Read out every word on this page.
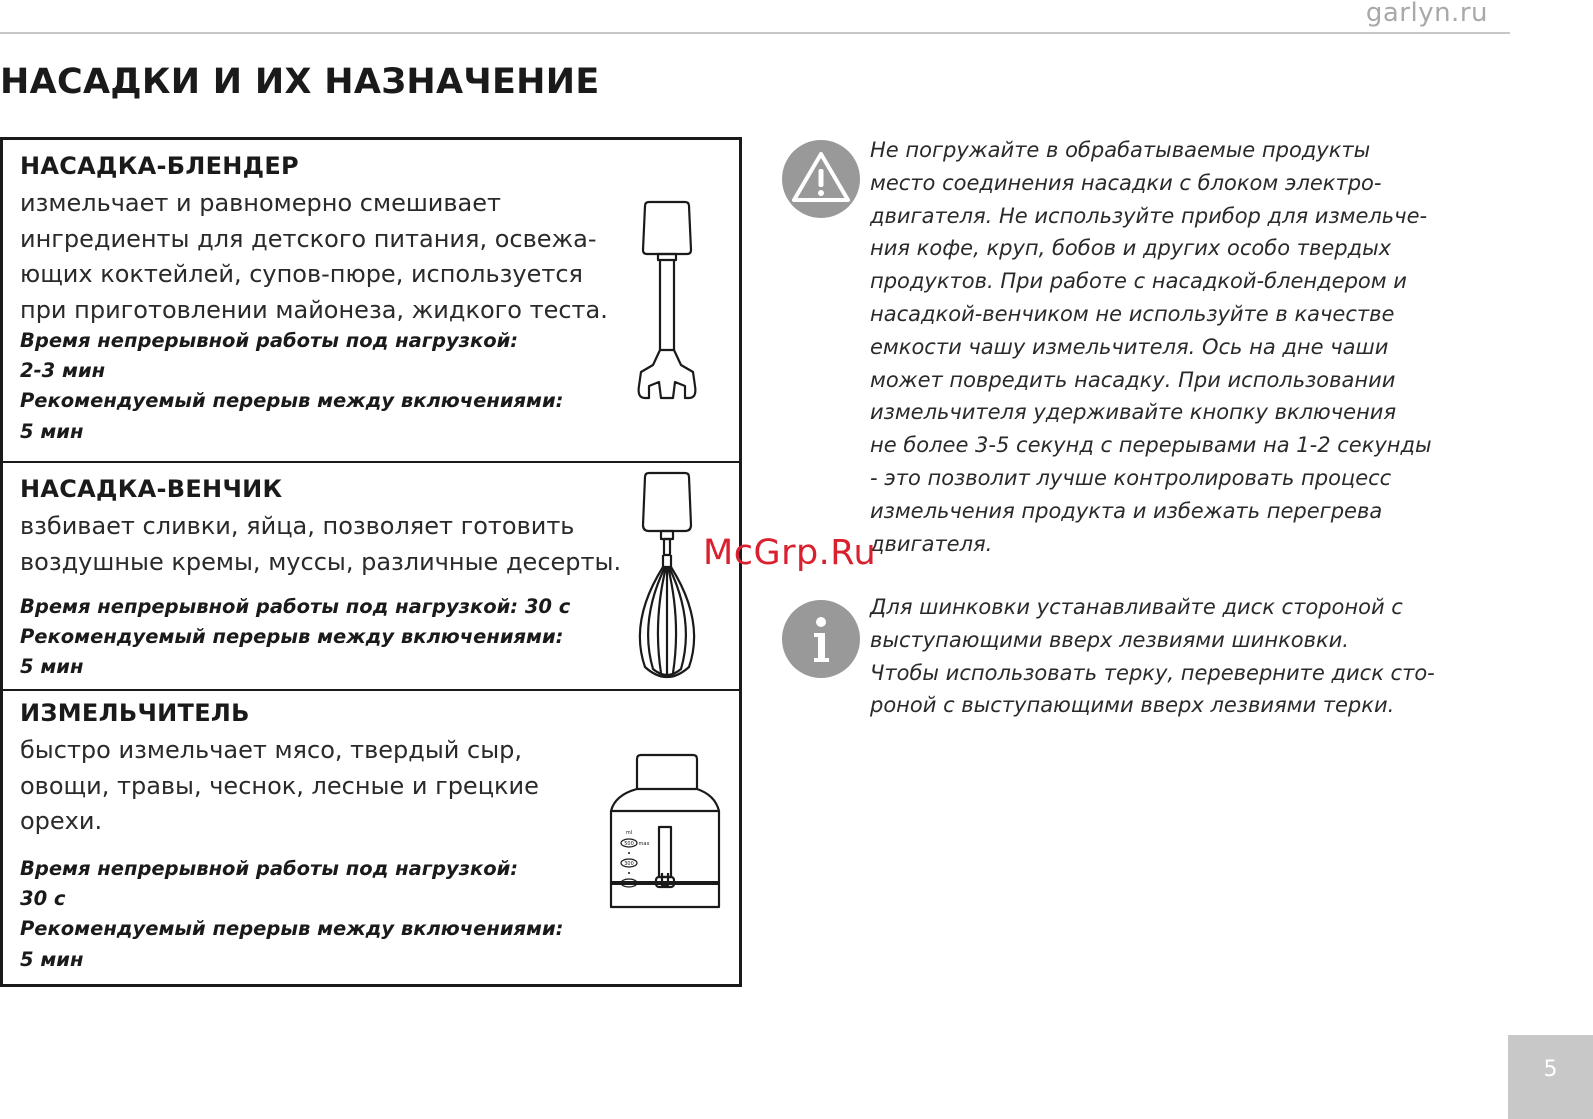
garlyn.ru
НАСАДКИ И ИХ НАЗНАЧЕНИЕ
НАСАДКА-БЛЕНДЕР

измельчает и равномерно смешивает
ингредиенты для детского питания, освежа-
ющих коктейлей, супов-пюре, используется
при приготовлении майонеза, жидкого теста.

Время непрерывной работы под нагрузкой:
2-3 мин
Рекомендуемый перерыв между включениями:
5 мин

НАСАДКА-ВЕНЧИК

взбивает сливки, яйца, позволяет готовить
воздушные кремы, муссы, различные десерты.

Время непрерывной работы под нагрузкой: 30 с
Рекомендуемый перерыв между включениями:
5 мин

ИЗМЕЛЬЧИТЕЛЬ

быстро измельчает мясо, твердый сыр,
овощи, травы, чеснок, лесные и грецкие
орехи.

Время непрерывной работы под нагрузкой:
30 с
Рекомендуемый перерыв между включениями:
5 мин

ml
500 max
300
100

Не погружайте в обрабатываемые продукты
место соединения насадки с блоком электро-
двигателя. Не используйте прибор для измельче-
ния кофе, круп, бобов и других особо твердых
продуктов. При работе с насадкой-блендером и
насадкой-венчиком не используйте в качестве
емкости чашу измельчителя. Ось на дне чаши
может повредить насадку. При использовании
измельчителя удерживайте кнопку включения
не более 3-5 секунд с перерывами на 1-2 секунды
- это позволит лучше контролировать процесс
измельчения продукта и избежать перегрева
двигателя.

Для шинковки устанавливайте диск стороной с
выступающими вверх лезвиями шинковки.
Чтобы использовать терку, переверните диск сто-
роной с выступающими вверх лезвиями терки.

McGrp.Ru
5
